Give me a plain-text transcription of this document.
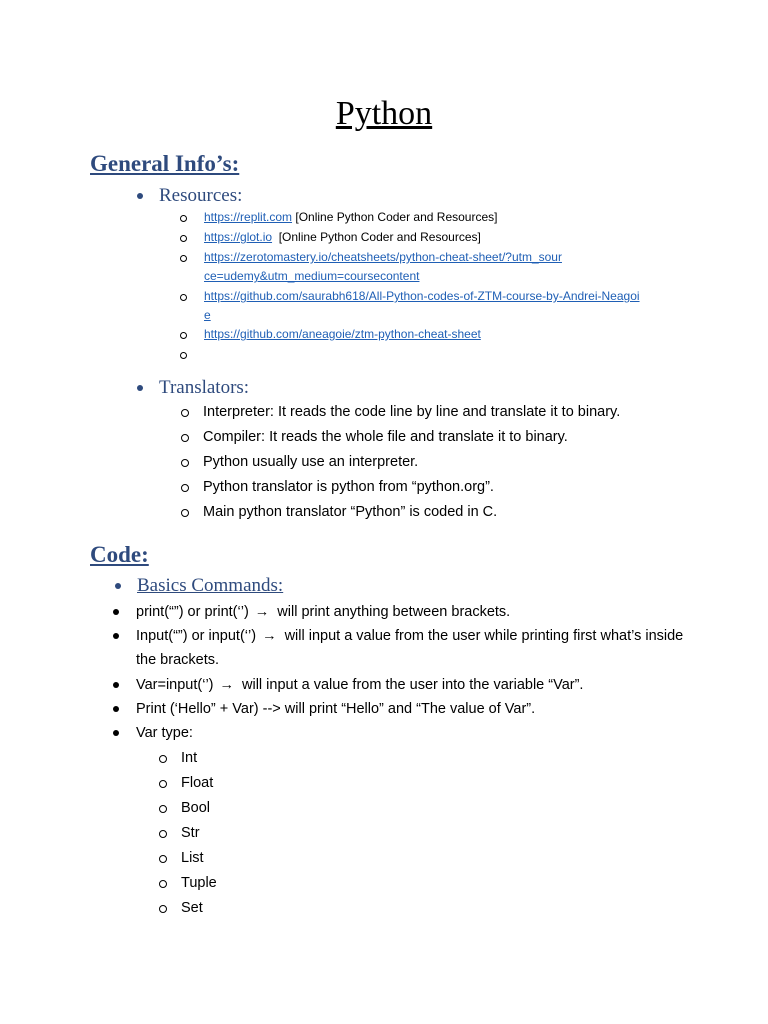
Python
General Info’s:
Resources:
https://replit.com [Online Python Coder and Resources]
https://glot.io  [Online Python Coder and Resources]
https://zerotomastery.io/cheatsheets/python-cheat-sheet/?utm_source=udemy&utm_medium=coursecontent
https://github.com/saurabh618/All-Python-codes-of-ZTM-course-by-Andrei-Neagoie
https://github.com/aneagoie/ztm-python-cheat-sheet
Translators:
Interpreter: It reads the code line by line and translate it to binary.
Compiler: It reads the whole file and translate it to binary.
Python usually use an interpreter.
Python translator is python from “python.org”.
Main python translator “Python” is coded in C.
Code:
Basics Commands:
print(“”) or print(‘’) → will print anything between brackets.
Input(“”) or input(‘’) → will input a value from the user while printing first what’s inside the brackets.
Var=input(‘’) → will input a value from the user into the variable “Var”.
Print (‘Hello” + Var) --> will print “Hello” and “The value of Var”.
Var type:
Int
Float
Bool
Str
List
Tuple
Set
